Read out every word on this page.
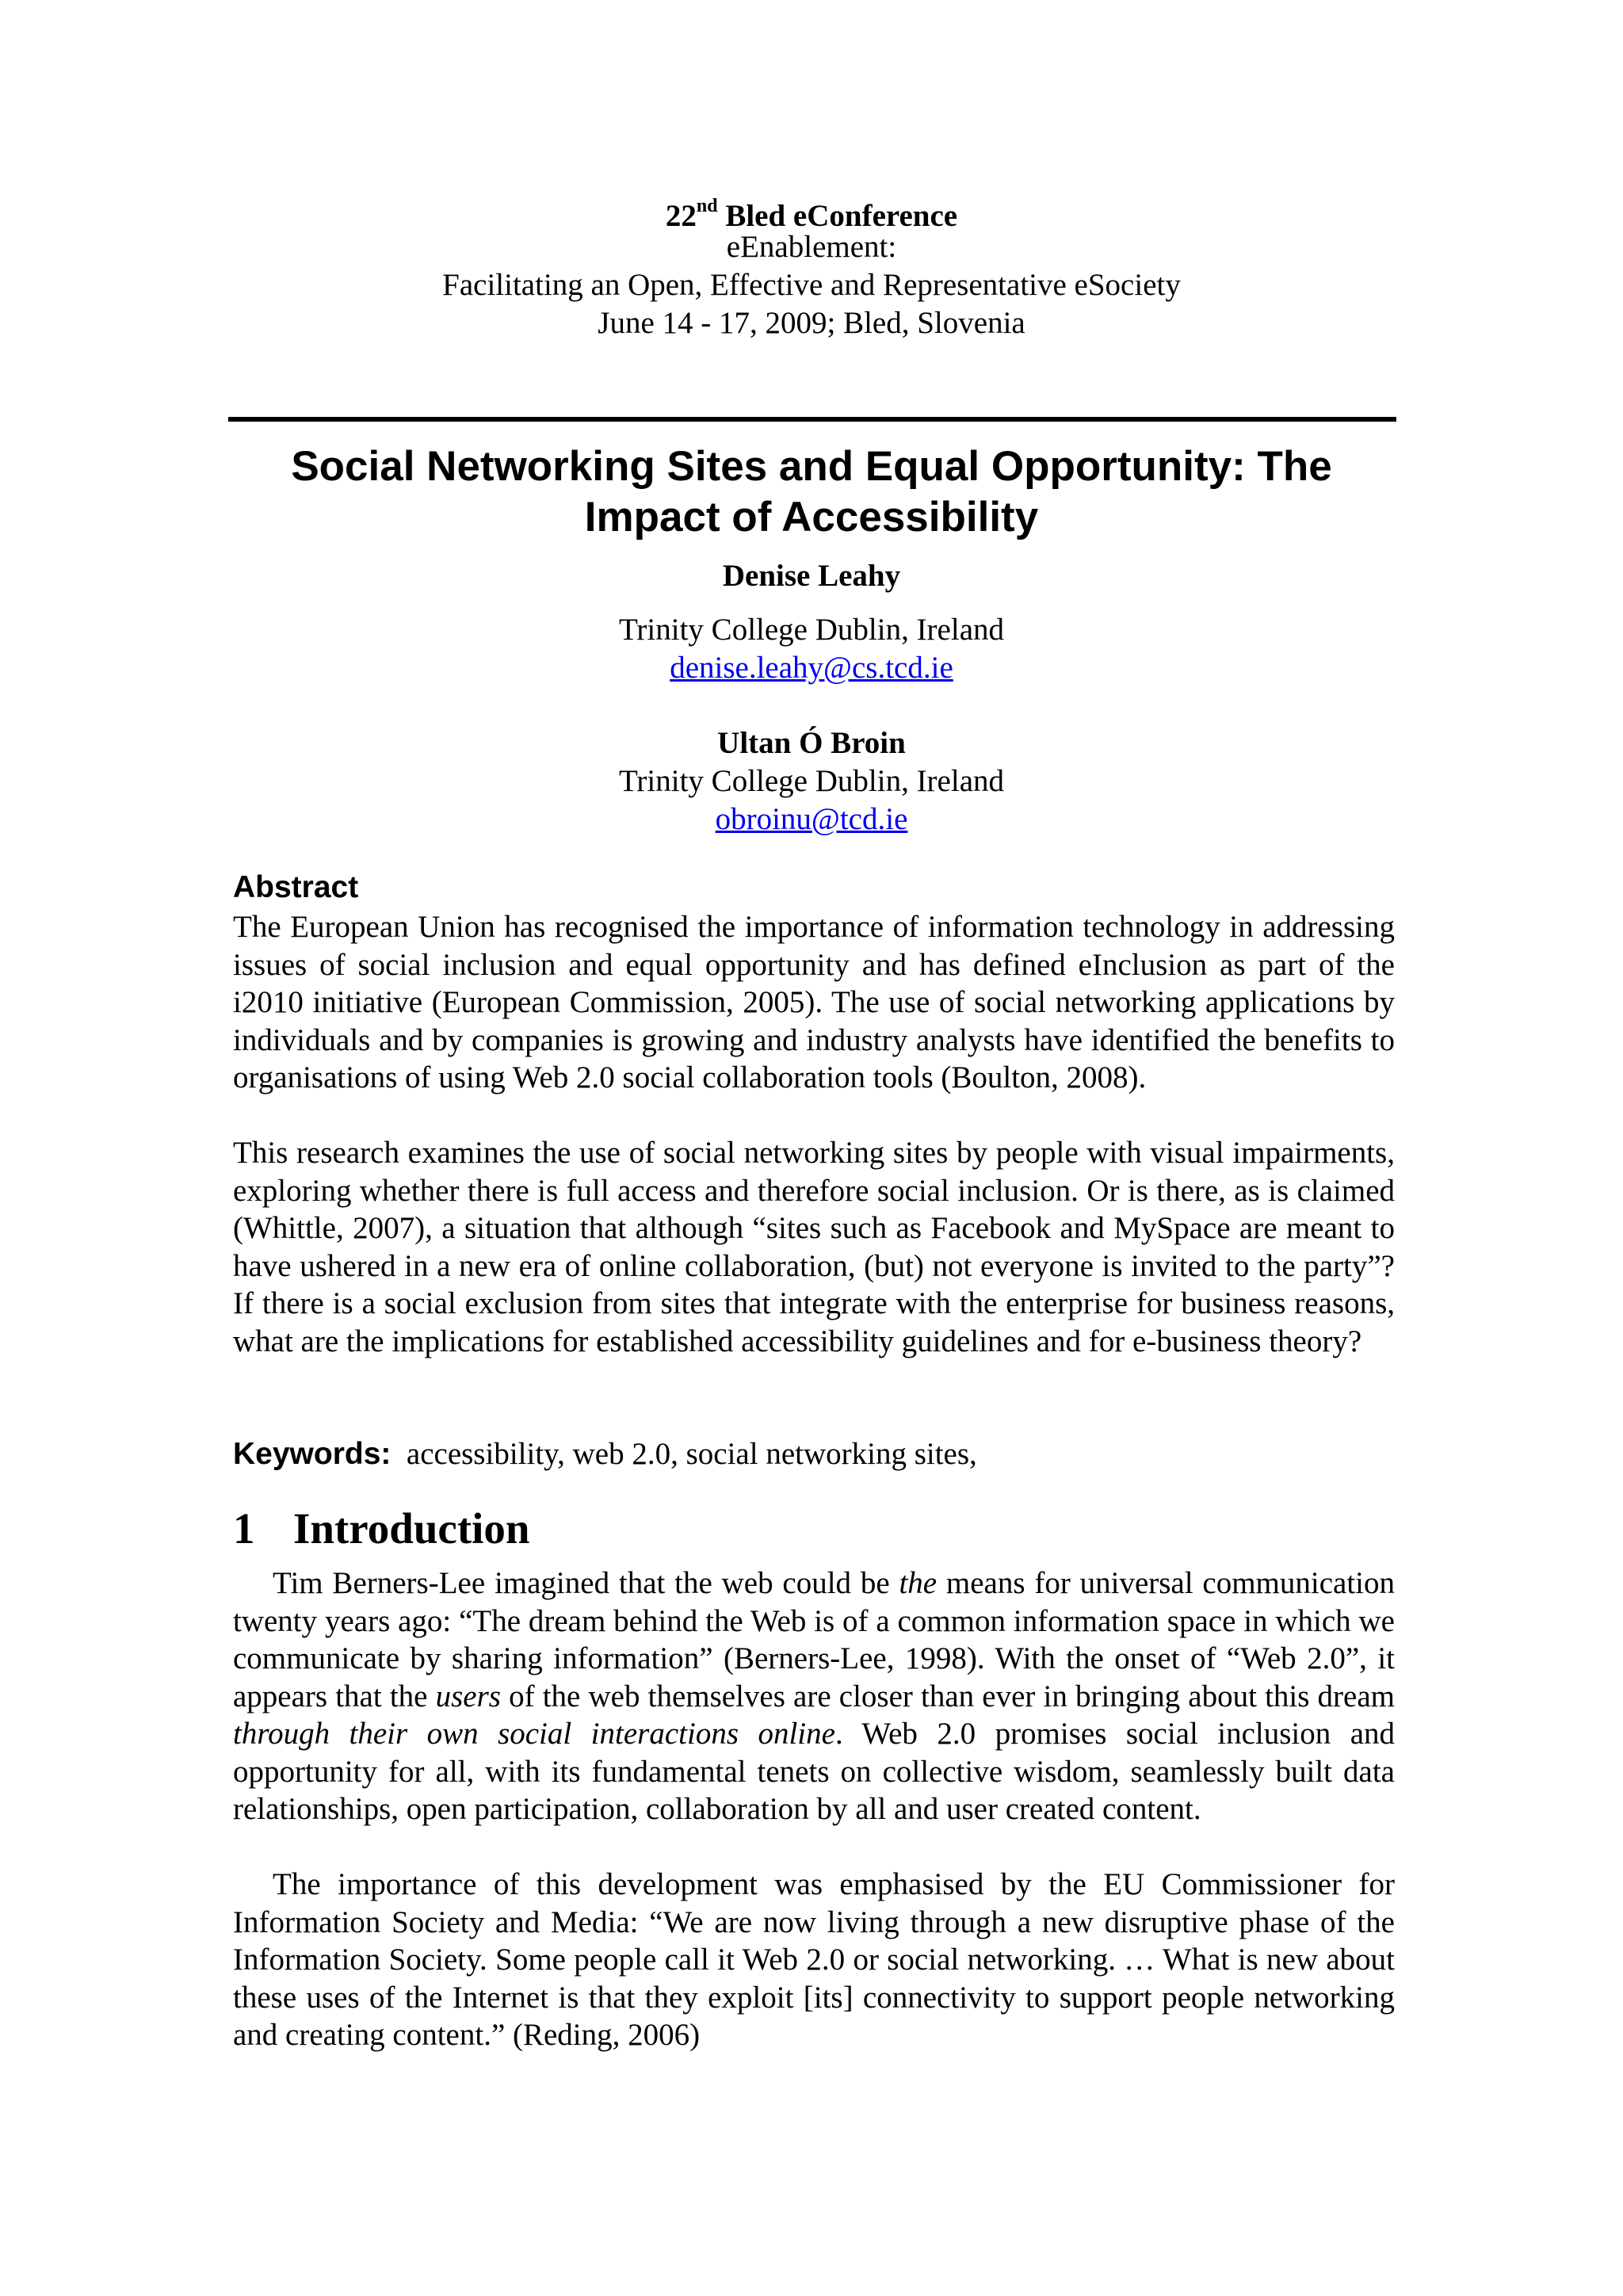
22nd Bled eConference
eEnablement:
Facilitating an Open, Effective and Representative eSociety
June 14 - 17, 2009; Bled, Slovenia
Social Networking Sites and Equal Opportunity: The
Impact of Accessibility
Denise Leahy
Trinity College Dublin, Ireland
denise.leahy@cs.tcd.ie
Ultan Ó Broin
Trinity College Dublin, Ireland
obroinu@tcd.ie
Abstract
The European Union has recognised the importance of information technology in addressing issues of social inclusion and equal opportunity and has defined eInclusion as part of the i2010 initiative (European Commission, 2005). The use of social networking applications by individuals and by companies is growing and industry analysts have identified the benefits to organisations of using Web 2.0 social collaboration tools (Boulton, 2008).
This research examines the use of social networking sites by people with visual impairments, exploring whether there is full access and therefore social inclusion. Or is there, as is claimed (Whittle, 2007), a situation that although “sites such as Facebook and MySpace are meant to have ushered in a new era of online collaboration, (but) not everyone is invited to the party”? If there is a social exclusion from sites that integrate with the enterprise for business reasons, what are the implications for established accessibility guidelines and for e-business theory?
Keywords: accessibility, web 2.0, social networking sites,
1 Introduction
Tim Berners-Lee imagined that the web could be the means for universal communication twenty years ago: “The dream behind the Web is of a common information space in which we communicate by sharing information” (Berners-Lee, 1998). With the onset of “Web 2.0”, it appears that the users of the web themselves are closer than ever in bringing about this dream through their own social interactions online. Web 2.0 promises social inclusion and opportunity for all, with its fundamental tenets on collective wisdom, seamlessly built data relationships, open participation, collaboration by all and user created content.
The importance of this development was emphasised by the EU Commissioner for Information Society and Media: “We are now living through a new disruptive phase of the Information Society. Some people call it Web 2.0 or social networking. … What is new about these uses of the Internet is that they exploit [its] connectivity to support people networking and creating content.” (Reding, 2006)
